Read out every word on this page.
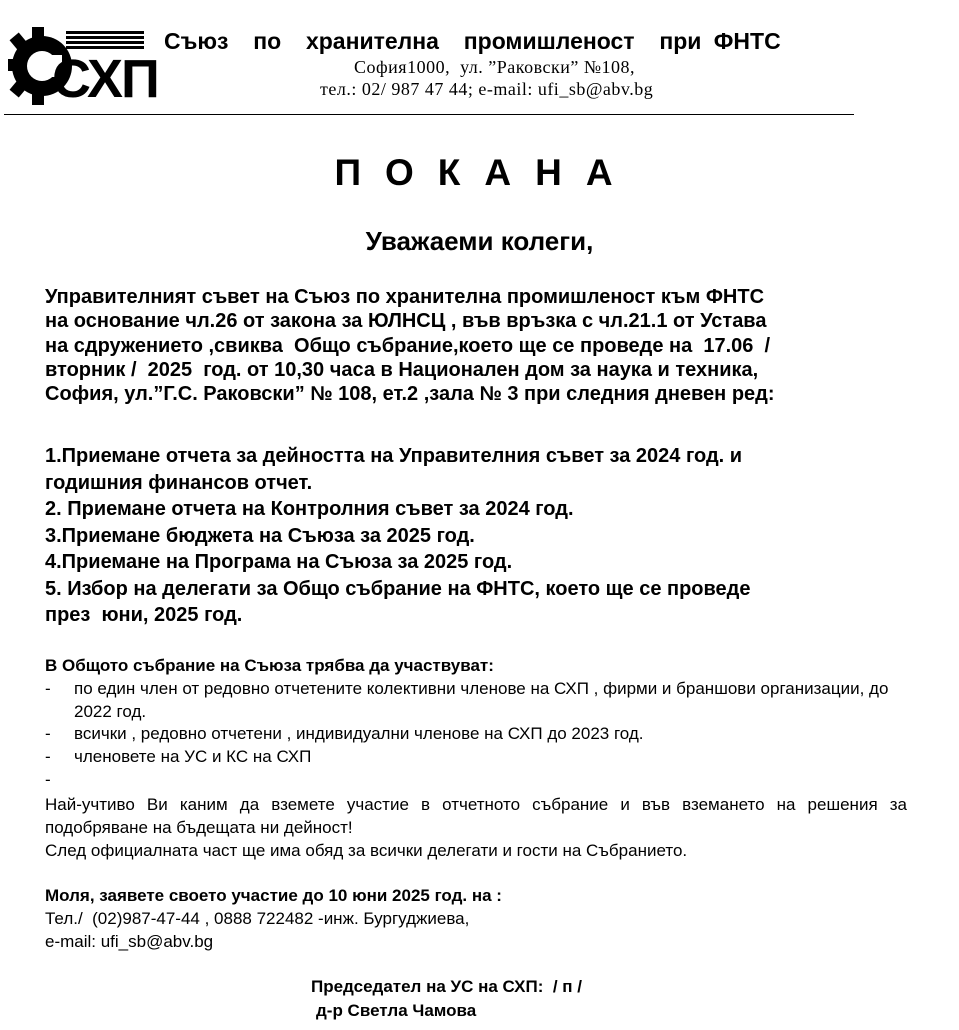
СХП
Съюз  по  хранителна  промишленост  при ФНТС
София1000,  ул. ”Раковски” №108,
тел.: 02/ 987 47 44; e-mail: ufi_sb@abv.bg
ПОКАНА
Уважаеми колеги,
Управителният съвет на Съюз по хранителна промишленост към ФНТС
на основание чл.26 от закона за ЮЛНСЦ , във връзка с чл.21.1 от Устава
на сдружението ,свиква  Общо събрание,което ще се проведе на  17.06  /
вторник /  2025  год. от 10,30 часа в Национален дом за наука и техника,
София, ул.”Г.С. Раковски” № 108, ет.2 ,зала № 3 при следния дневен ред:
1.Приемане отчета за дейността на Управителния съвет за 2024 год. и
годишния финансов отчет.
2. Приемане отчета на Контролния съвет за 2024 год.
3.Приемане бюджета на Съюза за 2025 год.
4.Приемане на Програма на Съюза за 2025 год.
5. Избор на делегати за Общо събрание на ФНТС, което ще се проведе
през  юни, 2025 год.
В Общото събрание на Съюза трябва да участвуват:
- по един член от редовно отчетените колективни членове на СХП , фирми и браншови организации, до 2022 год.
- всички , редовно отчетени , индивидуални членове на СХП до 2023 год.
- членовете на УС и КС на СХП
-
Най-учтиво Ви каним да вземете участие в отчетното събрание и във вземането на решения за подобряване на бъдещата ни дейност!
След официалната част ще има обяд за всички делегати и гости на Събранието.
Моля, заявете своето участие до 10 юни 2025 год. на :
Тел./  (02)987-47-44 , 0888 722482 -инж. Бургуджиева,
e-mail: ufi_sb@abv.bg
Председател на УС на СХП:  / п /
д-р Светла Чамова
